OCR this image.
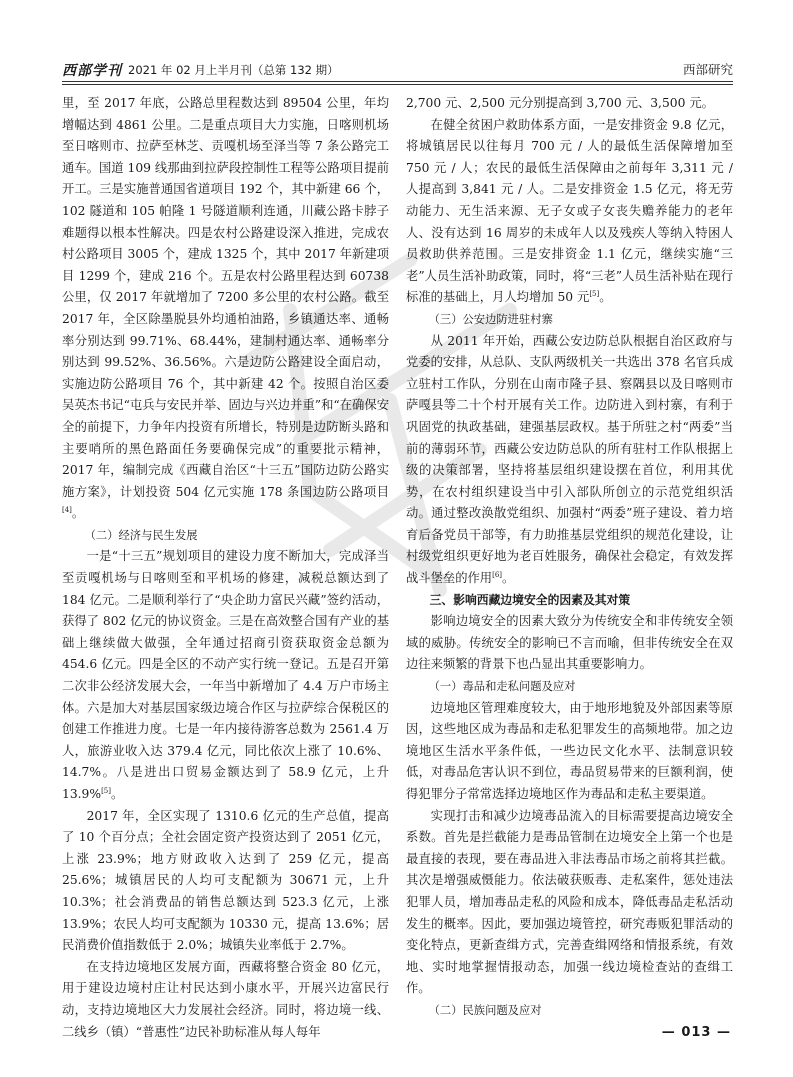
西部学刊 2021 年 02 月上半月刊（总第 132 期）	西部研究

里，至 2017 年底，公路总里程数达到 89504 公里，年均增幅达到 4861 公里。二是重点项目大力实施，日喀则机场至日喀则市、拉萨至林芝、贡嘎机场至泽当等 7 条公路完工通车。国道 109 线那曲到拉萨段控制性工程等公路项目提前开工。三是实施普通国省道项目 192 个，其中新建 66 个，102 隧道和 105 帕隆 1 号隧道顺利连通，川藏公路卡脖子难题得以根本性解决。四是农村公路建设深入推进，完成农村公路项目 3005 个，建成 1325 个，其中 2017 年新建项目 1299 个，建成 216 个。五是农村公路里程达到 60738 公里，仅 2017 年就增加了 7200 多公里的农村公路。截至 2017 年，全区除墨脱县外均通柏油路，乡镇通达率、通畅率分别达到 99.71%、68.44%，建制村通达率、通畅率分别达到 99.52%、36.56%。六是边防公路建设全面启动，实施边防公路项目 76 个，其中新建 42 个。按照自治区委吴英杰书记“屯兵与安民并举、固边与兴边并重”和“在确保安全的前提下，力争年内投资有所增长，特别是边防断头路和主要哨所的黑色路面任务要确保完成”的重要批示精神，2017 年，编制完成《西藏自治区“十三五”国防边防公路实施方案》，计划投资 504 亿元实施 178 条国边防公路项目[4]。

（二）经济与民生发展

一是“十三五”规划项目的建设力度不断加大，完成泽当至贡嘎机场与日喀则至和平机场的修建，减税总额达到了 184 亿元。二是顺利举行了“央企助力富民兴藏”签约活动，获得了 802 亿元的协议资金。三是在高效整合国有产业的基础上继续做大做强，全年通过招商引资获取资金总额为 454.6 亿元。四是全区的不动产实行统一登记。五是召开第二次非公经济发展大会，一年当中新增加了 4.4 万户市场主体。六是加大对基层国家级边境合作区与拉萨综合保税区的创建工作推进力度。七是一年内接待游客总数为 2561.4 万人，旅游业收入达 379.4 亿元，同比依次上涨了 10.6%、14.7%。八是进出口贸易金额达到了 58.9 亿元，上升 13.9%[5]。

2017 年，全区实现了 1310.6 亿元的生产总值，提高了 10 个百分点；全社会固定资产投资达到了 2051 亿元，上涨 23.9%；地方财政收入达到了 259 亿元，提高 25.6%；城镇居民的人均可支配额为 30671 元，上升 10.3%；社会消费品的销售总额达到 523.3 亿元，上涨 13.9%；农民人均可支配额为 10330 元，提高 13.6%；居民消费价值指数低于 2.0%；城镇失业率低于 2.7%。

在支持边境地区发展方面，西藏将整合资金 80 亿元，用于建设边境村庄让村民达到小康水平，开展兴边富民行动，支持边境地区大力发展社会经济。同时，将边境一线、二线乡（镇）“普惠性”边民补助标准从每人每年

2,700 元、2,500 元分别提高到 3,700 元、3,500 元。

在健全贫困户救助体系方面，一是安排资金 9.8 亿元，将城镇居民以往每月 700 元 / 人的最低生活保障增加至 750 元 / 人；农民的最低生活保障由之前每年 3,311 元 / 人提高到 3,841 元 / 人。二是安排资金 1.5 亿元，将无劳动能力、无生活来源、无子女或子女丧失赡养能力的老年人、没有达到 16 周岁的未成年人以及残疾人等纳入特困人员救助供养范围。三是安排资金 1.1 亿元，继续实施“三老”人员生活补助政策，同时，将“三老”人员生活补贴在现行标准的基础上，月人均增加 50 元[5]。

（三）公安边防进驻村寨

从 2011 年开始，西藏公安边防总队根据自治区政府与党委的安排，从总队、支队两级机关一共选出 378 名官兵成立驻村工作队，分别在山南市隆子县、察隅县以及日喀则市萨嘎县等二十个村开展有关工作。边防进入到村寨，有利于巩固党的执政基础，建强基层政权。基于所驻之村“两委”当前的薄弱环节，西藏公安边防总队的所有驻村工作队根据上级的决策部署，坚持将基层组织建设摆在首位，利用其优势，在农村组织建设当中引入部队所创立的示范党组织活动。通过整改涣散党组织、加强村“两委”班子建设、着力培育后备党员干部等，有力助推基层党组织的规范化建设，让村级党组织更好地为老百姓服务，确保社会稳定，有效发挥战斗堡垒的作用[6]。

三、影响西藏边境安全的因素及其对策

影响边境安全的因素大致分为传统安全和非传统安全领域的威胁。传统安全的影响已不言而喻，但非传统安全在双边往来频繁的背景下也凸显出其重要影响力。

（一）毒品和走私问题及应对

边境地区管理难度较大，由于地形地貌及外部因素等原因，这些地区成为毒品和走私犯罪发生的高频地带。加之边境地区生活水平条件低，一些边民文化水平、法制意识较低，对毒品危害认识不到位，毒品贸易带来的巨额利润，使得犯罪分子常常选择边境地区作为毒品和走私主要渠道。

实现打击和减少边境毒品流入的目标需要提高边境安全系数。首先是拦截能力是毒品管制在边境安全上第一个也是最直接的表现，要在毒品进入非法毒品市场之前将其拦截。其次是增强威慑能力。依法破获贩毒、走私案件，惩处违法犯罪人员，增加毒品走私的风险和成本，降低毒品走私活动发生的概率。因此，要加强边境管控，研究毒贩犯罪活动的变化特点，更新查缉方式，完善查缉网络和情报系统，有效地、实时地掌握情报动态，加强一线边境检查站的查缉工作。

（二）民族问题及应对

— 013 —
